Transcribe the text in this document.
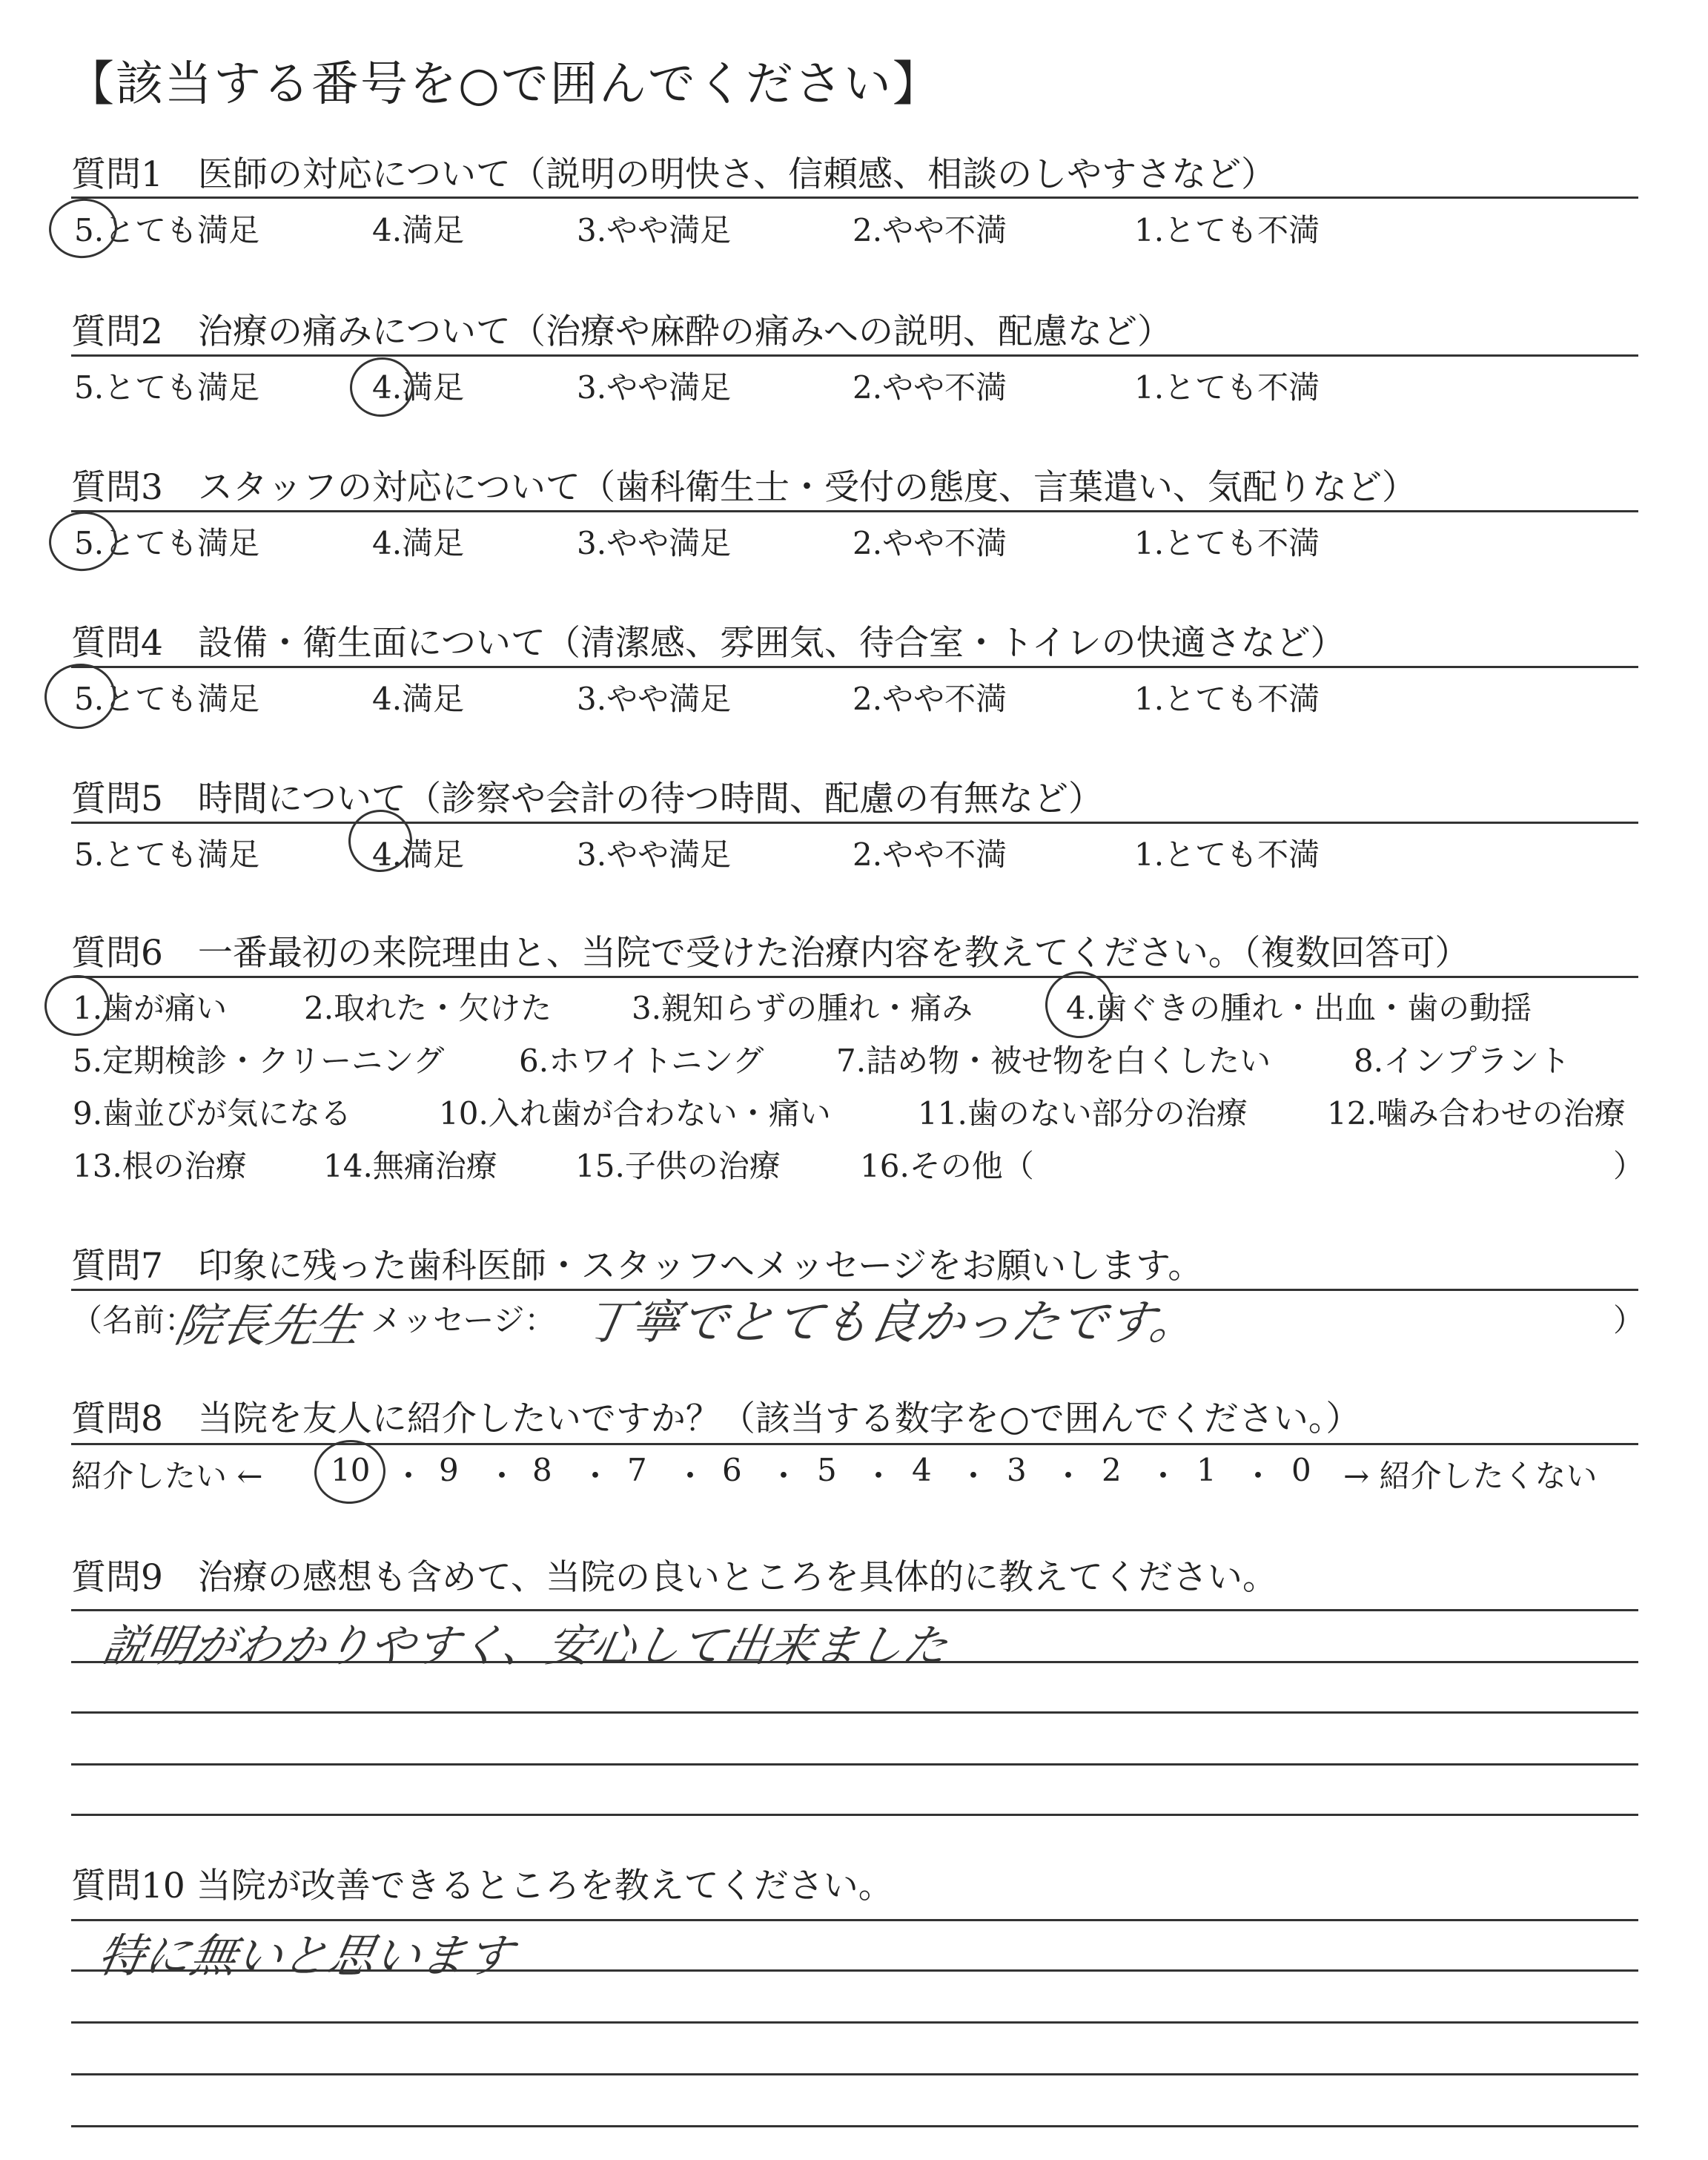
【該当する番号を○で囲んでください】
質問1　医師の対応について（説明の明快さ、信頼感、相談のしやすさなど）
5.とても満足	4.満足	3.やや満足	2.やや不満	1.とても不満
質問2　治療の痛みについて（治療や麻酔の痛みへの説明、配慮など）
5.とても満足	4.満足	3.やや満足	2.やや不満	1.とても不満
質問3　スタッフの対応について（歯科衛生士・受付の態度、言葉遣い、気配りなど）
5.とても満足	4.満足	3.やや満足	2.やや不満	1.とても不満
質問4　設備・衛生面について（清潔感、雰囲気、待合室・トイレの快適さなど）
5.とても満足	4.満足	3.やや満足	2.やや不満	1.とても不満
質問5　時間について（診察や会計の待つ時間、配慮の有無など）
5.とても満足	4.満足	3.やや満足	2.やや不満	1.とても不満
質問6　一番最初の来院理由と、当院で受けた治療内容を教えてください。（複数回答可）
1.歯が痛い 2.取れた・欠けた	3.親知らずの腫れ・痛み	4.歯ぐきの腫れ・出血・歯の動揺
5.定期検診・クリーニング 6.ホワイトニング 7.詰め物・被せ物を白くしたい	8.インプラント
9.歯並びが気になる	10.入れ歯が合わない・痛い	11.歯のない部分の治療	12.噛み合わせの治療
13.根の治療 14.無痛治療	15.子供の治療	16.その他（	）
質問7　印象に残った歯科医師・スタッフへメッセージをお願いします。
（名前：
院長先生 メッセージ： 丁寧でとても良かったです。	）
質問8　当院を友人に紹介したいですか？（該当する数字を○で囲んでください。）
紹介したい ← 10 ・ 9 ・ 8 ・ 7 ・ 6 ・ 5 ・ 4 ・ 3 ・ 2 ・ 1 ・ 0 → 紹介したくない
質問9　治療の感想も含めて、当院の良いところを具体的に教えてください。
説明がわかりやすく、安心して出来ました
質問10 当院が改善できるところを教えてください。
特に無いと思います
